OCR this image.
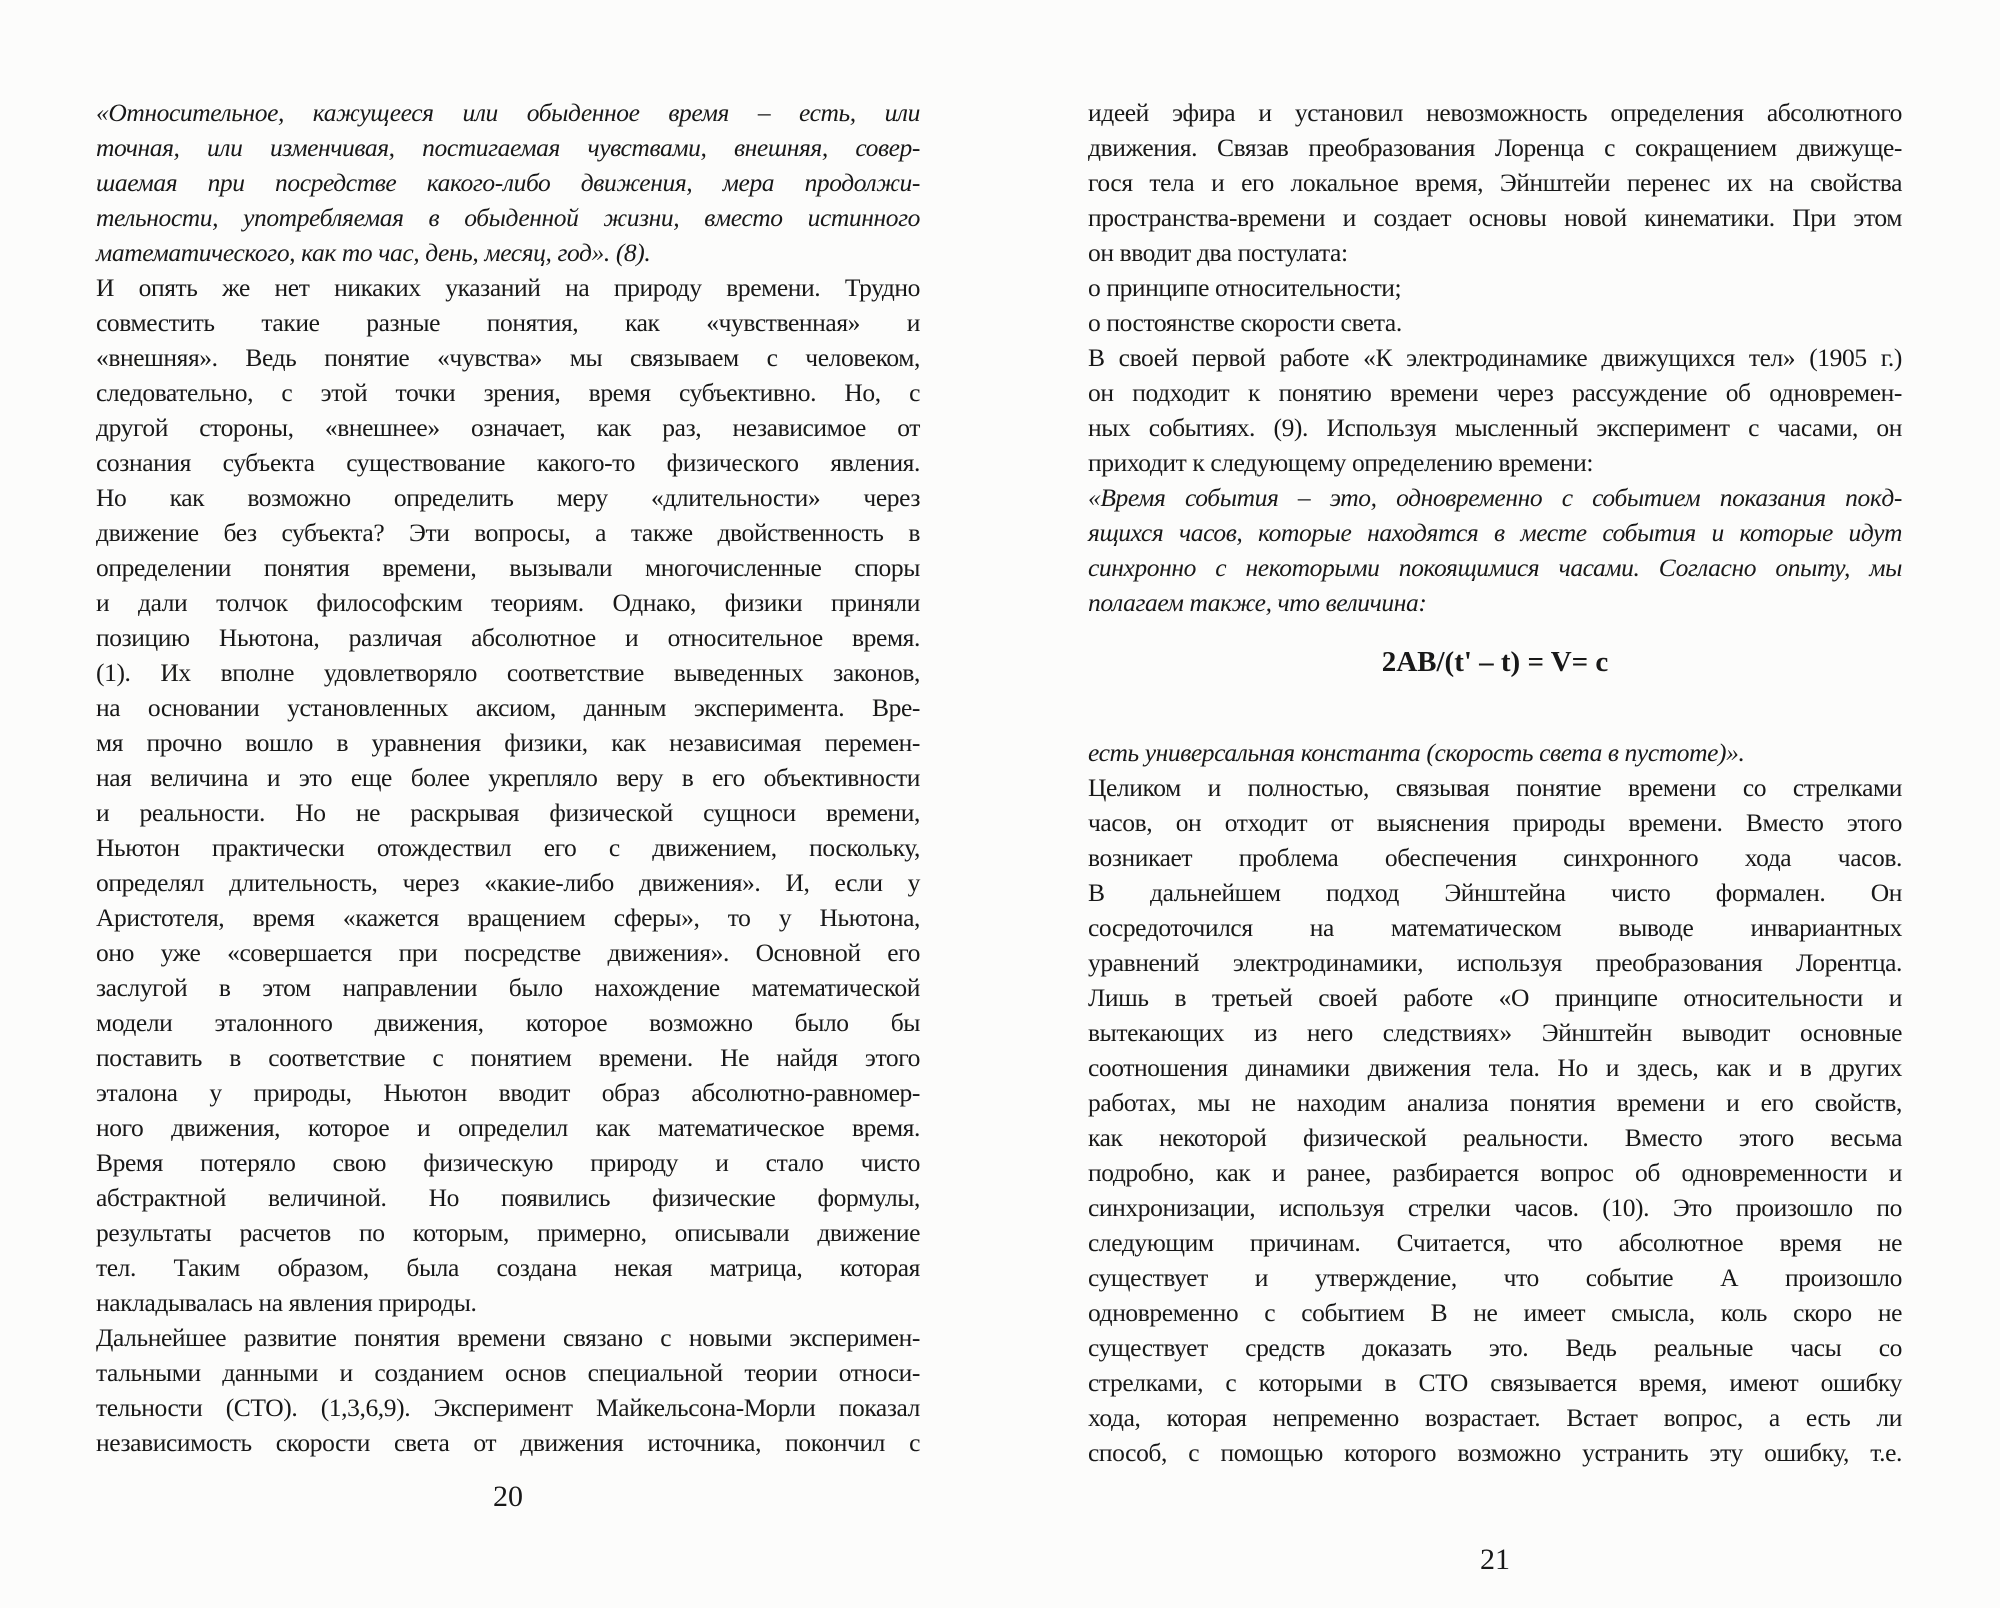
«Относительное, кажущееся или обыденное время – есть, или
точная, или изменчивая, постигаемая чувствами, внешняя, совер-
шаемая при посредстве какого-либо движения, мера продолжи-
тельности, употребляемая в обыденной жизни, вместо истинного
математического, как то час, день, месяц, год». (8).
И опять же нет никаких указаний на природу времени. Трудно
совместить такие разные понятия, как «чувственная» и
«внешняя». Ведь понятие «чувства» мы связываем с человеком,
следовательно, с этой точки зрения, время субъективно. Но, с
другой стороны, «внешнее» означает, как раз, независимое от
сознания субъекта существование какого-то физического явления.
Но как возможно определить меру «длительности» через
движение без субъекта? Эти вопросы, а также двойственность в
определении понятия времени, вызывали многочисленные споры
и дали толчок философским теориям. Однако, физики приняли
позицию Ньютона, различая абсолютное и относительное время.
(1). Их вполне удовлетворяло соответствие выведенных законов,
на основании установленных аксиом, данным эксперимента. Вре-
мя прочно вошло в уравнения физики, как независимая перемен-
ная величина и это еще более укрепляло веру в его объективности
и реальности. Но не раскрывая физической сущноси времени,
Ньютон практически отождествил его с движением, поскольку,
определял длительность, через «какие-либо движения». И, если у
Аристотеля, время «кажется вращением сферы», то у Ньютона,
оно уже «совершается при посредстве движения». Основной его
заслугой в этом направлении было нахождение математической
модели эталонного движения, которое возможно было бы
поставить в соответствие с понятием времени. Не найдя этого
эталона у природы, Ньютон вводит образ абсолютно-равномер-
ного движения, которое и определил как математическое время.
Время потеряло свою физическую природу и стало чисто
абстрактной величиной. Но появились физические формулы,
результаты расчетов по которым, примерно, описывали движение
тел. Таким образом, была создана некая матрица, которая
накладывалась на явления природы.
Дальнейшее развитие понятия времени связано с новыми эксперимен-
тальными данными и созданием основ специальной теории относи-
тельности (СТО). (1,3,6,9). Эксперимент Майкельсона-Морли показал
независимость скорости света от движения источника, покончил с
20
идеей эфира и установил невозможность определения абсолютного
движения. Связав преобразования Лоренца с сокращением движуще-
гося тела и его локальное время, Эйнштейи перенес их на свойства
пространства-времени и создает основы новой кинематики. При этом
он вводит два постулата:
о принципе относительности;
о постоянстве скорости света.
В своей первой работе «К электродинамике движущихся тел» (1905 г.)
он подходит к понятию времени через рассуждение об одновремен-
ных событиях. (9). Используя мысленный эксперимент с часами, он
приходит к следующему определению времени:
«Время события – это, одновременно с событием показания покд-
ящихся часов, которые находятся в месте события и которые идут
синхронно с некоторыми покоящимися часами. Согласно опыту, мы
полагаем также, что величина:
2AB/(t' – t) = V= c
есть универсальная константа (скорость света в пустоте)».
Целиком и полностью, связывая понятие времени со стрелками
часов, он отходит от выяснения природы времени. Вместо этого
возникает проблема обеспечения синхронного хода часов.
В дальнейшем подход Эйнштейна чисто формален. Он
сосредоточился на математическом выводе инвариантных
уравнений электродинамики, используя преобразования Лорентца.
Лишь в третьей своей работе «О принципе относительности и
вытекающих из него следствиях» Эйнштейн выводит основные
соотношения динамики движения тела. Но и здесь, как и в других
работах, мы не находим анализа понятия времени и его свойств,
как некоторой физической реальности. Вместо этого весьма
подробно, как и ранее, разбирается вопрос об одновременности и
синхронизации, используя стрелки часов. (10). Это произошло по
следующим причинам. Считается, что абсолютное время не
существует и утверждение, что событие А произошло
одновременно с событием В не имеет смысла, коль скоро не
существует средств доказать это. Ведь реальные часы со
стрелками, с которыми в СТО связывается время, имеют ошибку
хода, которая непременно возрастает. Встает вопрос, а есть ли
способ, с помощью которого возможно устранить эту ошибку, т.е.
21
